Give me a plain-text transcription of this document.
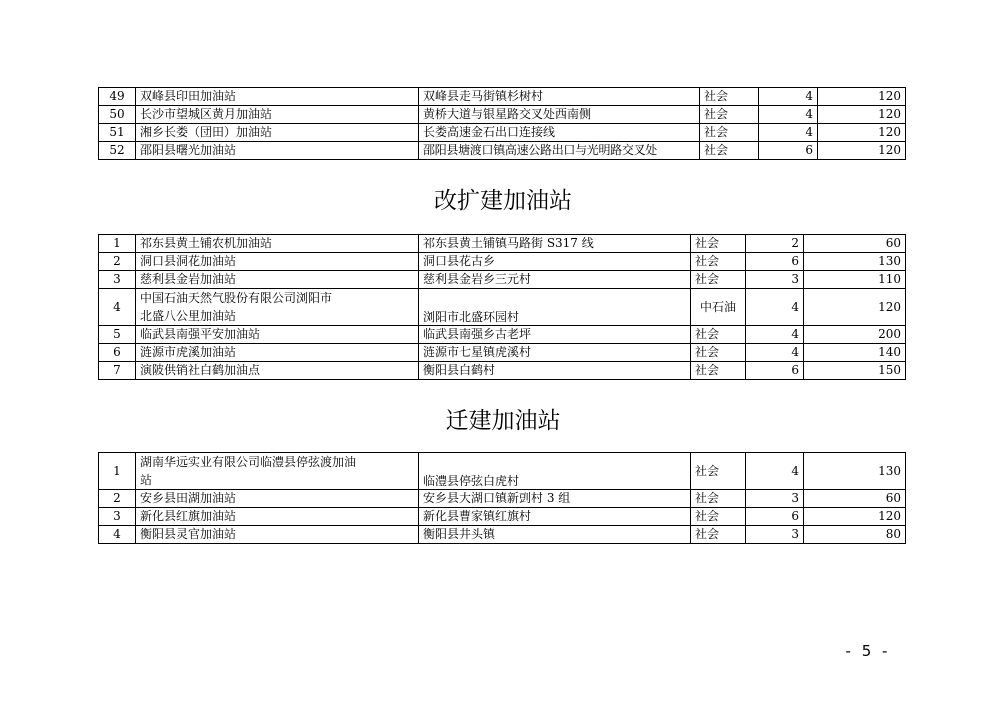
49	双峰县印田加油站	双峰县走马街镇杉树村	社会	4	120
50	长沙市望城区黄月加油站	黄桥大道与银星路交叉处西南侧	社会	4	120
51	湘乡长娄（団田）加油站	长娄高速金石出口连接线	社会	4	120
52	邵阳县曙光加油站	邵阳县塘渡口镇高速公路出口与光明路交叉处	社会	6	120
改扩建加油站
1	祁东县黄土铺农机加油站	祁东县黄土铺镇马路街 S317 线	社会	2	60
2	洞口县洞花加油站	洞口县花古乡	社会	6	130
3	慈利县金岩加油站	慈利县金岩乡三元村	社会	3	110
4	中国石油天然气股份有限公司浏阳市
北盛八公里加油站	浏阳市北盛环园村	中石油	4	120
5	临武县南强平安加油站	临武县南强乡古老坪	社会	4	200
6	涟源市虎溪加油站	涟源市七星镇虎溪村	社会	4	140
7	演陂供销社白鹤加油点	衡阳县白鹤村	社会	6	150
迁建加油站
1	湖南华远实业有限公司临澧县停弦渡加油
站	临澧县停弦白虎村	社会	4	130
2	安乡县田湖加油站	安乡县大湖口镇新剅村 3 组	社会	3	60
3	新化县红旗加油站	新化县曹家镇红旗村	社会	6	120
4	衡阳县灵官加油站	衡阳县井头镇	社会	3	80
- 5 -
